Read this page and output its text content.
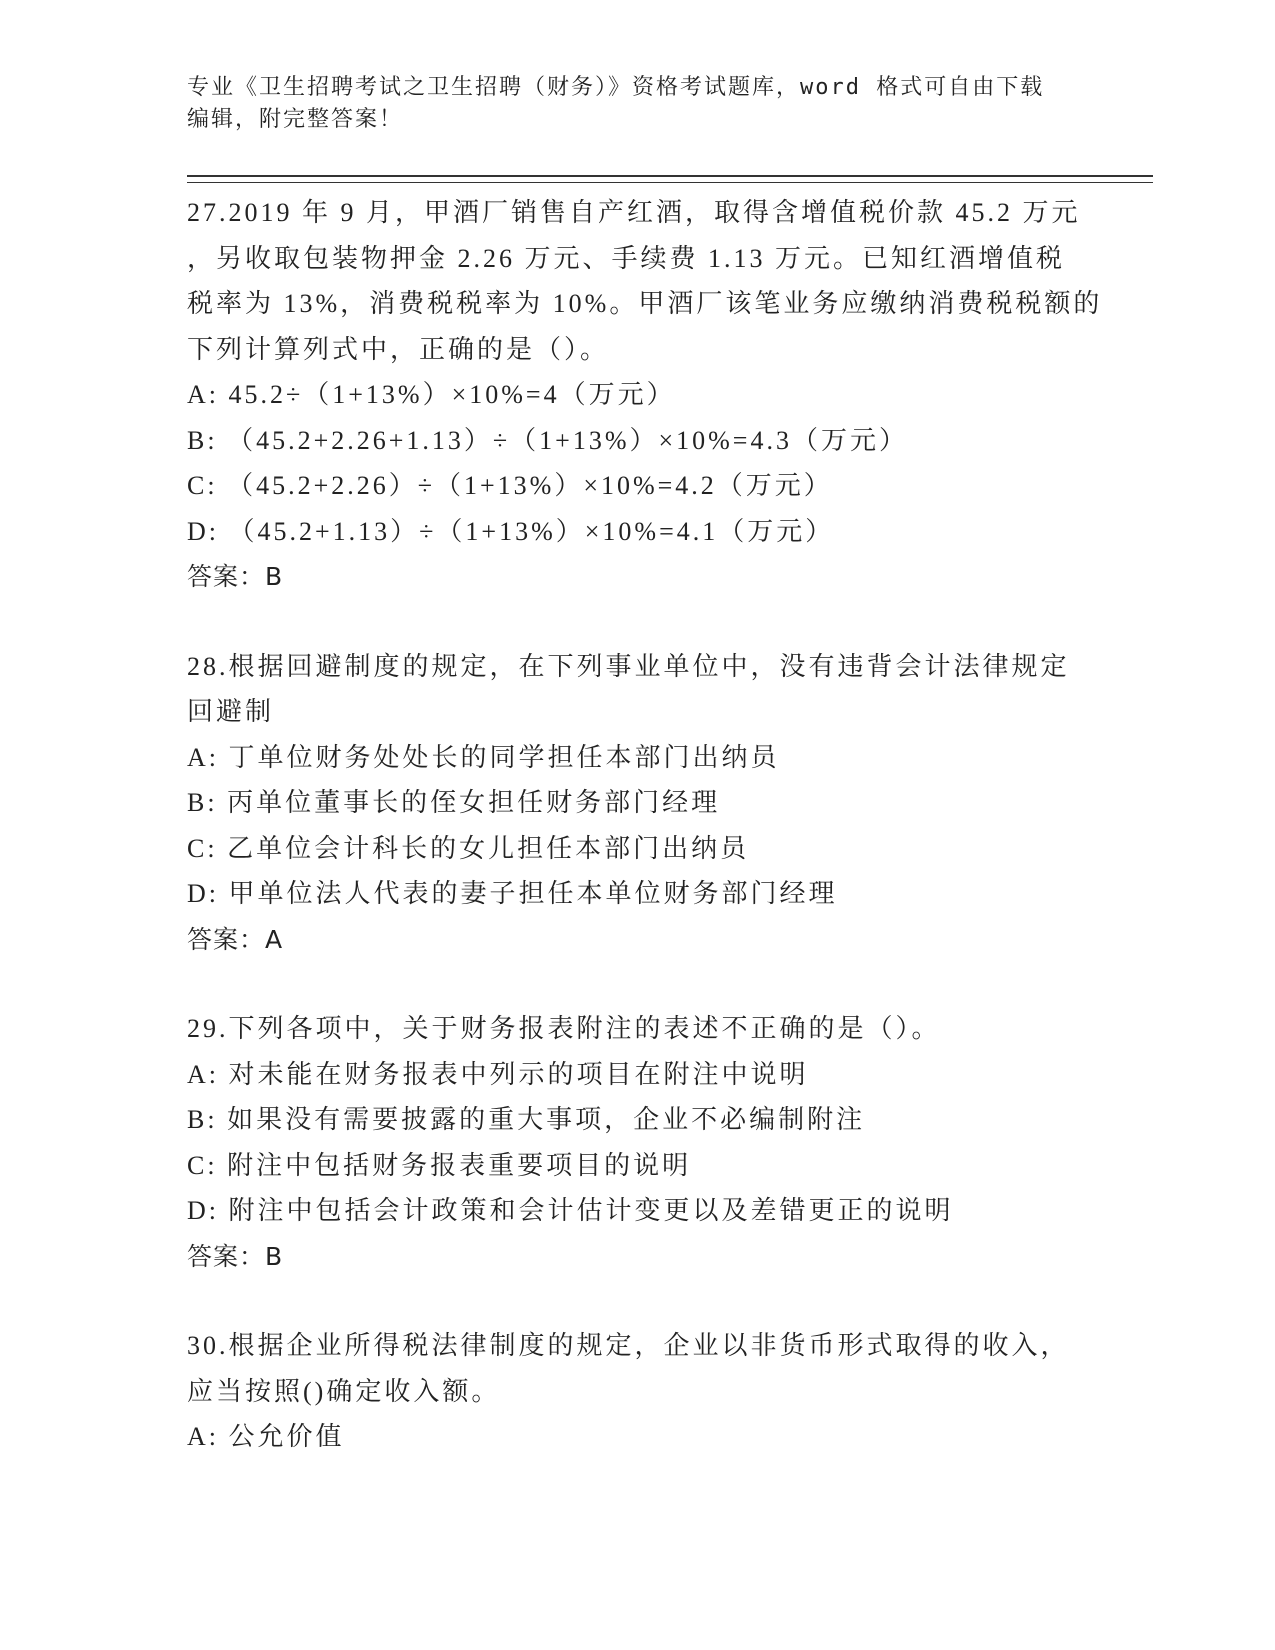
专业《卫生招聘考试之卫生招聘（财务）》资格考试题库，word 格式可自由下载
编辑，附完整答案！
27.2019 年 9 月，甲酒厂销售自产红酒，取得含增值税价款 45.2 万元
，另收取包装物押金 2.26 万元、手续费 1.13 万元。已知红酒增值税
税率为 13%，消费税税率为 10%。甲酒厂该笔业务应缴纳消费税税额的
下列计算列式中，正确的是（）。
A: 45.2÷（1+13%）×10%=4（万元）
B: （45.2+2.26+1.13）÷（1+13%）×10%=4.3（万元）
C: （45.2+2.26）÷（1+13%）×10%=4.2（万元）
D: （45.2+1.13）÷（1+13%）×10%=4.1（万元）
答案：B
28.根据回避制度的规定，在下列事业单位中，没有违背会计法律规定
回避制
A: 丁单位财务处处长的同学担任本部门出纳员
B: 丙单位董事长的侄女担任财务部门经理
C: 乙单位会计科长的女儿担任本部门出纳员
D: 甲单位法人代表的妻子担任本单位财务部门经理
答案：A
29.下列各项中，关于财务报表附注的表述不正确的是（）。
A: 对未能在财务报表中列示的项目在附注中说明
B: 如果没有需要披露的重大事项，企业不必编制附注
C: 附注中包括财务报表重要项目的说明
D: 附注中包括会计政策和会计估计变更以及差错更正的说明
答案：B
30.根据企业所得税法律制度的规定，企业以非货币形式取得的收入，
应当按照()确定收入额。
A: 公允价值
